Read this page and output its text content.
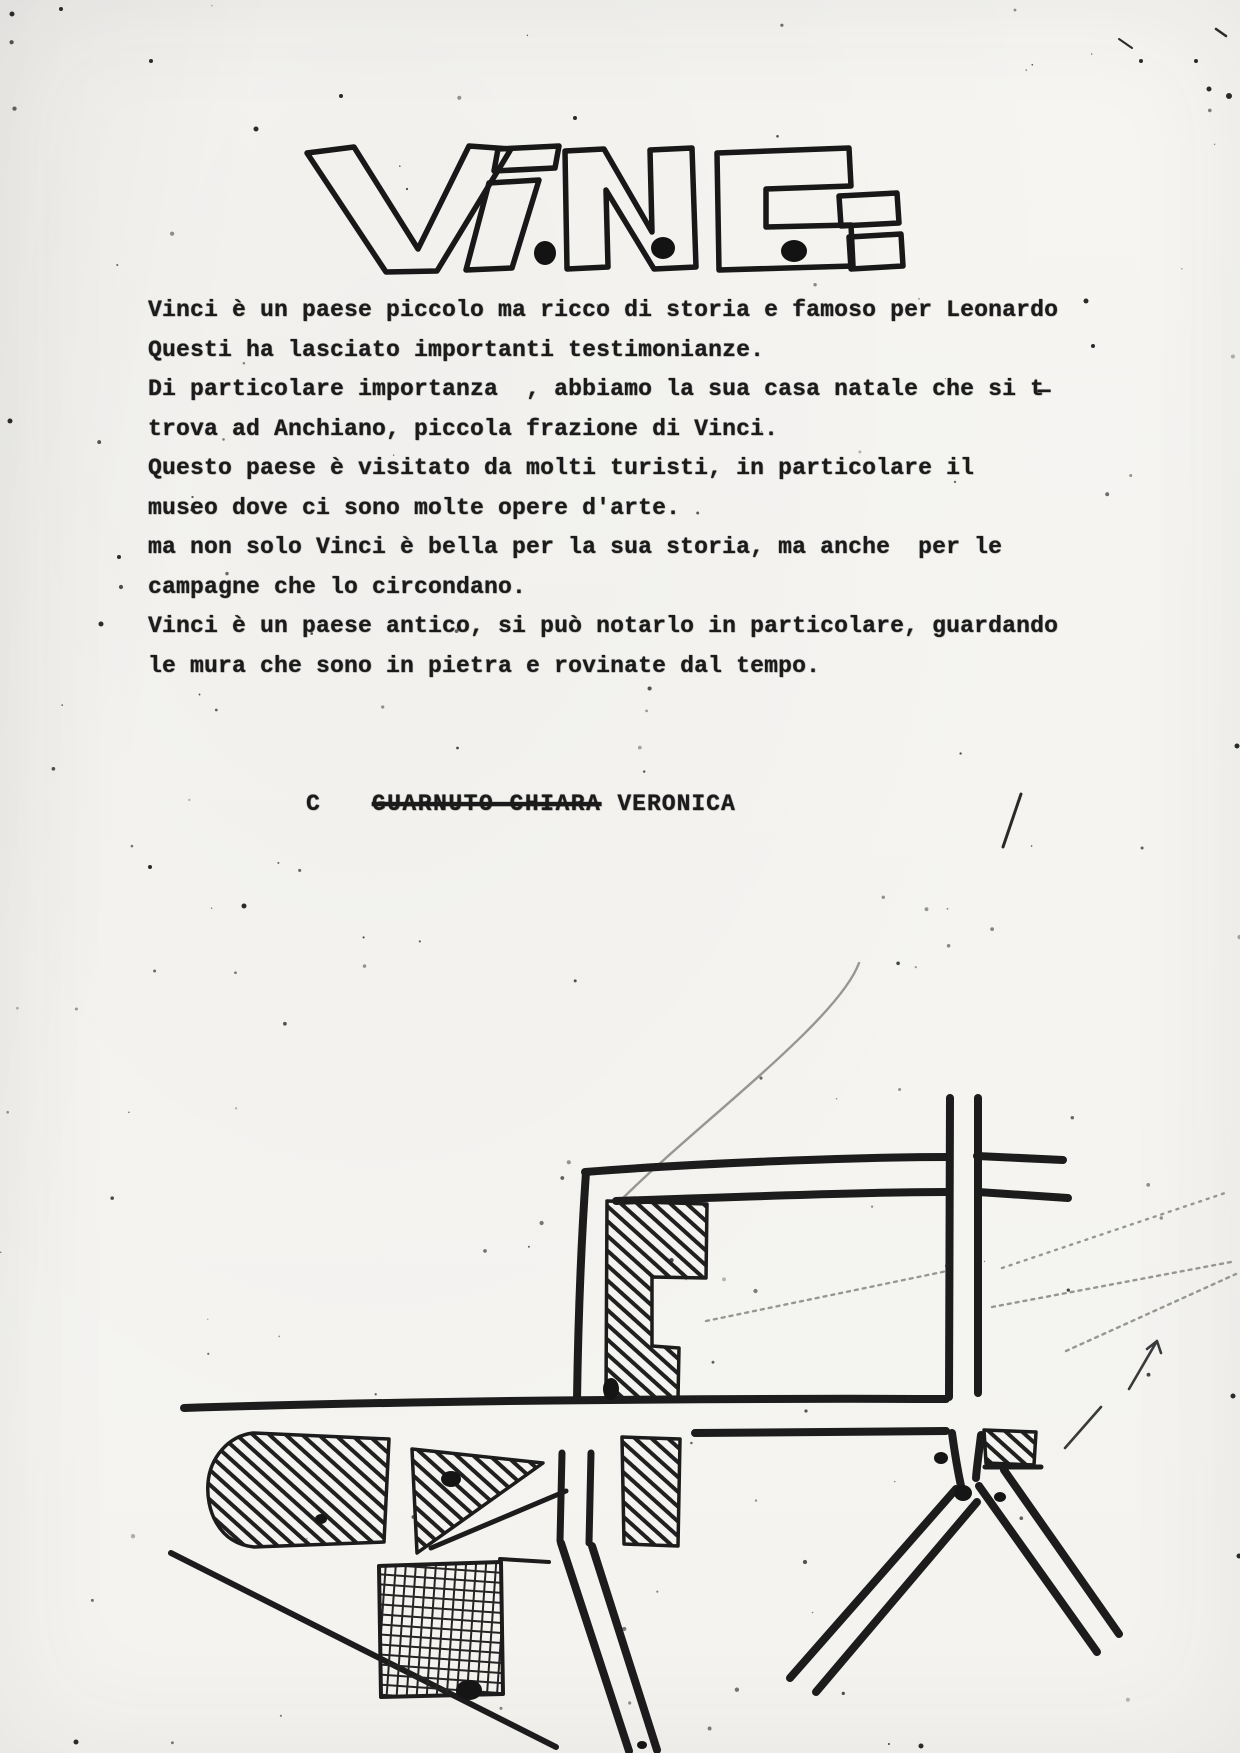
Vinci è un paese piccolo ma ricco di storia e famoso per Leonardo

Questi ha lasciato importanti testimonianze.

Di particolare importanza  , abbiamo la sua casa natale che si t̶

trova ad Anchiano, piccola frazione di Vinci.

Questo paese è visitato da molti turisti, in particolare il

museo dove ci sono molte opere d'arte.

ma non solo Vinci è bella per la sua storia, ma anche  per le

campagne che lo circondano.

Vinci è un paese antico, si può notarlo in particolare, guardando

le mura che sono in pietra e rovinate dal tempo.

C GUARNUTO CHIARA VERONICA
